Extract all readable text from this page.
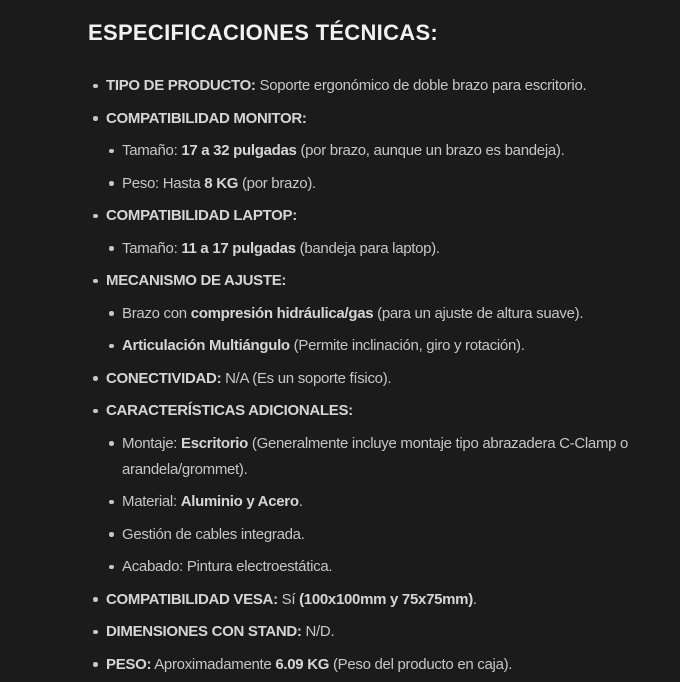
ESPECIFICACIONES TÉCNICAS:
TIPO DE PRODUCTO: Soporte ergonómico de doble brazo para escritorio.
COMPATIBILIDAD MONITOR:
Tamaño: 17 a 32 pulgadas (por brazo, aunque un brazo es bandeja).
Peso: Hasta 8 KG (por brazo).
COMPATIBILIDAD LAPTOP:
Tamaño: 11 a 17 pulgadas (bandeja para laptop).
MECANISMO DE AJUSTE:
Brazo con compresión hidráulica/gas (para un ajuste de altura suave).
Articulación Multiángulo (Permite inclinación, giro y rotación).
CONECTIVIDAD: N/A (Es un soporte físico).
CARACTERÍSTICAS ADICIONALES:
Montaje: Escritorio (Generalmente incluye montaje tipo abrazadera C-Clamp o arandela/grommet).
Material: Aluminio y Acero.
Gestión de cables integrada.
Acabado: Pintura electroestática.
COMPATIBILIDAD VESA: Sí (100x100mm y 75x75mm).
DIMENSIONES CON STAND: N/D.
PESO: Aproximadamente 6.09 KG (Peso del producto en caja).
